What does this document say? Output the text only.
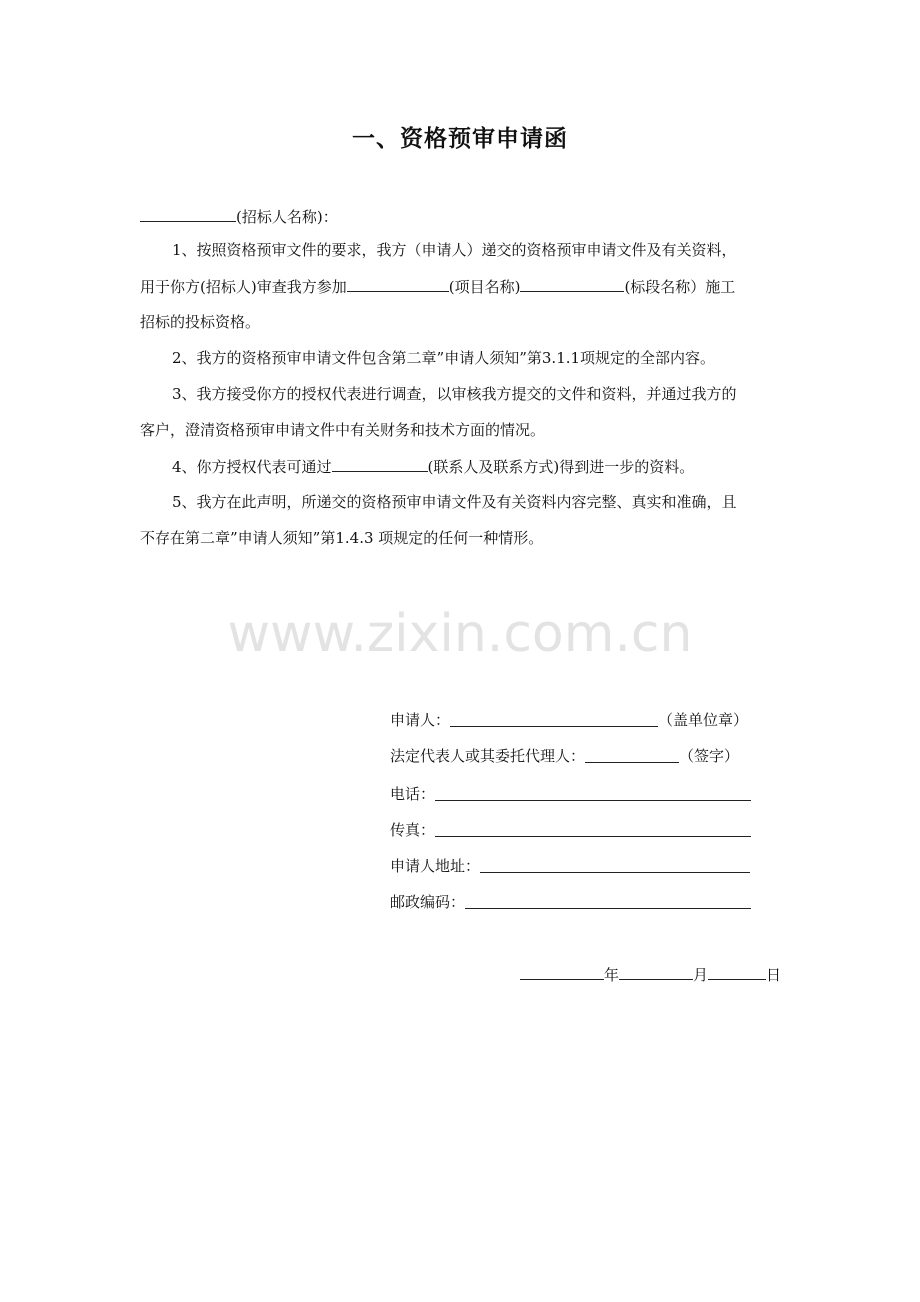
一、资格预审申请函
(招标人名称)：
1、按照资格预审文件的要求，我方（申请人）递交的资格预审申请文件及有关资料，
用于你方(招标人)审查我方参加	(项目名称)	(标段名称）施工
招标的投标资格。
2、我方的资格预审申请文件包含第二章”申请人须知”第3.1.1项规定的全部内容。
3、我方接受你方的授权代表进行调查，以审核我方提交的文件和资料，并通过我方的
客户，澄清资格预审申请文件中有关财务和技术方面的情况。
4、你方授权代表可通过	(联系人及联系方式)得到进一步的资料。
5、我方在此声明，所递交的资格预审申请文件及有关资料内容完整、真实和准确，且
不存在第二章”申请人须知”第1.4.3 项规定的任何一种情形。
www.zixin.com.cn
申请人：	（盖单位章）
法定代表人或其委托代理人：	（签字）
电话：
传真：
申请人地址：
邮政编码：
年	月	日
